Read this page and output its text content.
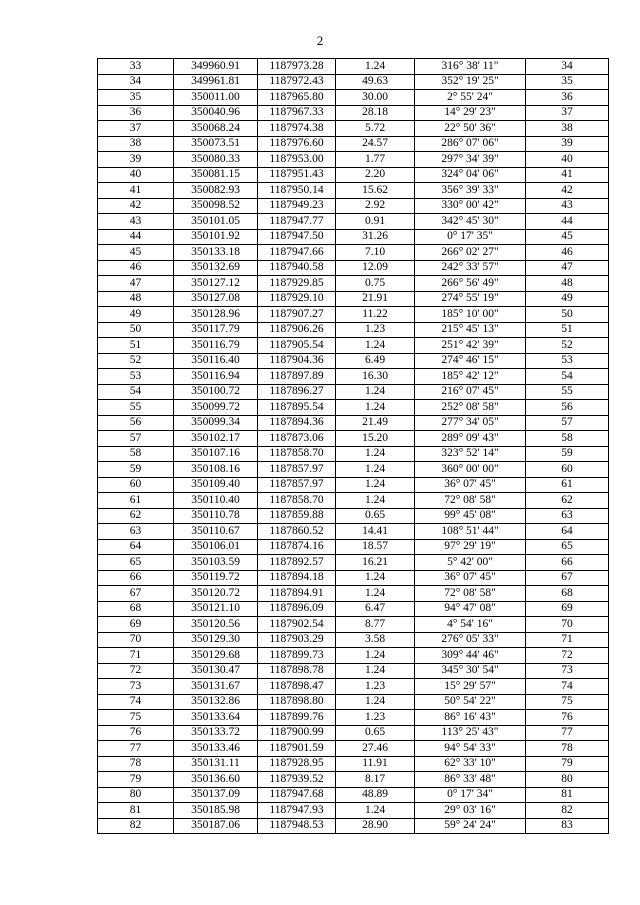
2
33	349960.91	1187973.28	1.24	316° 38' 11"	34
34	349961.81	1187972.43	49.63	352° 19' 25"	35
35	350011.00	1187965.80	30.00	2° 55' 24"	36
36	350040.96	1187967.33	28.18	14° 29' 23"	37
37	350068.24	1187974.38	5.72	22° 50' 36"	38
38	350073.51	1187976.60	24.57	286° 07' 06"	39
39	350080.33	1187953.00	1.77	297° 34' 39"	40
40	350081.15	1187951.43	2.20	324° 04' 06"	41
41	350082.93	1187950.14	15.62	356° 39' 33"	42
42	350098.52	1187949.23	2.92	330° 00' 42"	43
43	350101.05	1187947.77	0.91	342° 45' 30"	44
44	350101.92	1187947.50	31.26	0° 17' 35"	45
45	350133.18	1187947.66	7.10	266° 02' 27"	46
46	350132.69	1187940.58	12.09	242° 33' 57"	47
47	350127.12	1187929.85	0.75	266° 56' 49"	48
48	350127.08	1187929.10	21.91	274° 55' 19"	49
49	350128.96	1187907.27	11.22	185° 10' 00"	50
50	350117.79	1187906.26	1.23	215° 45' 13"	51
51	350116.79	1187905.54	1.24	251° 42' 39"	52
52	350116.40	1187904.36	6.49	274° 46' 15"	53
53	350116.94	1187897.89	16.30	185° 42' 12"	54
54	350100.72	1187896.27	1.24	216° 07' 45"	55
55	350099.72	1187895.54	1.24	252° 08' 58"	56
56	350099.34	1187894.36	21.49	277° 34' 05"	57
57	350102.17	1187873.06	15.20	289° 09' 43"	58
58	350107.16	1187858.70	1.24	323° 52' 14"	59
59	350108.16	1187857.97	1.24	360° 00' 00"	60
60	350109.40	1187857.97	1.24	36° 07' 45"	61
61	350110.40	1187858.70	1.24	72° 08' 58"	62
62	350110.78	1187859.88	0.65	99° 45' 08"	63
63	350110.67	1187860.52	14.41	108° 51' 44"	64
64	350106.01	1187874.16	18.57	97° 29' 19"	65
65	350103.59	1187892.57	16.21	5° 42' 00"	66
66	350119.72	1187894.18	1.24	36° 07' 45"	67
67	350120.72	1187894.91	1.24	72° 08' 58"	68
68	350121.10	1187896.09	6.47	94° 47' 08"	69
69	350120.56	1187902.54	8.77	4° 54' 16"	70
70	350129.30	1187903.29	3.58	276° 05' 33"	71
71	350129.68	1187899.73	1.24	309° 44' 46"	72
72	350130.47	1187898.78	1.24	345° 30' 54"	73
73	350131.67	1187898.47	1.23	15° 29' 57"	74
74	350132.86	1187898.80	1.24	50° 54' 22"	75
75	350133.64	1187899.76	1.23	86° 16' 43"	76
76	350133.72	1187900.99	0.65	113° 25' 43"	77
77	350133.46	1187901.59	27.46	94° 54' 33"	78
78	350131.11	1187928.95	11.91	62° 33' 10"	79
79	350136.60	1187939.52	8.17	86° 33' 48"	80
80	350137.09	1187947.68	48.89	0° 17' 34"	81
81	350185.98	1187947.93	1.24	29° 03' 16"	82
82	350187.06	1187948.53	28.90	59° 24' 24"	83
